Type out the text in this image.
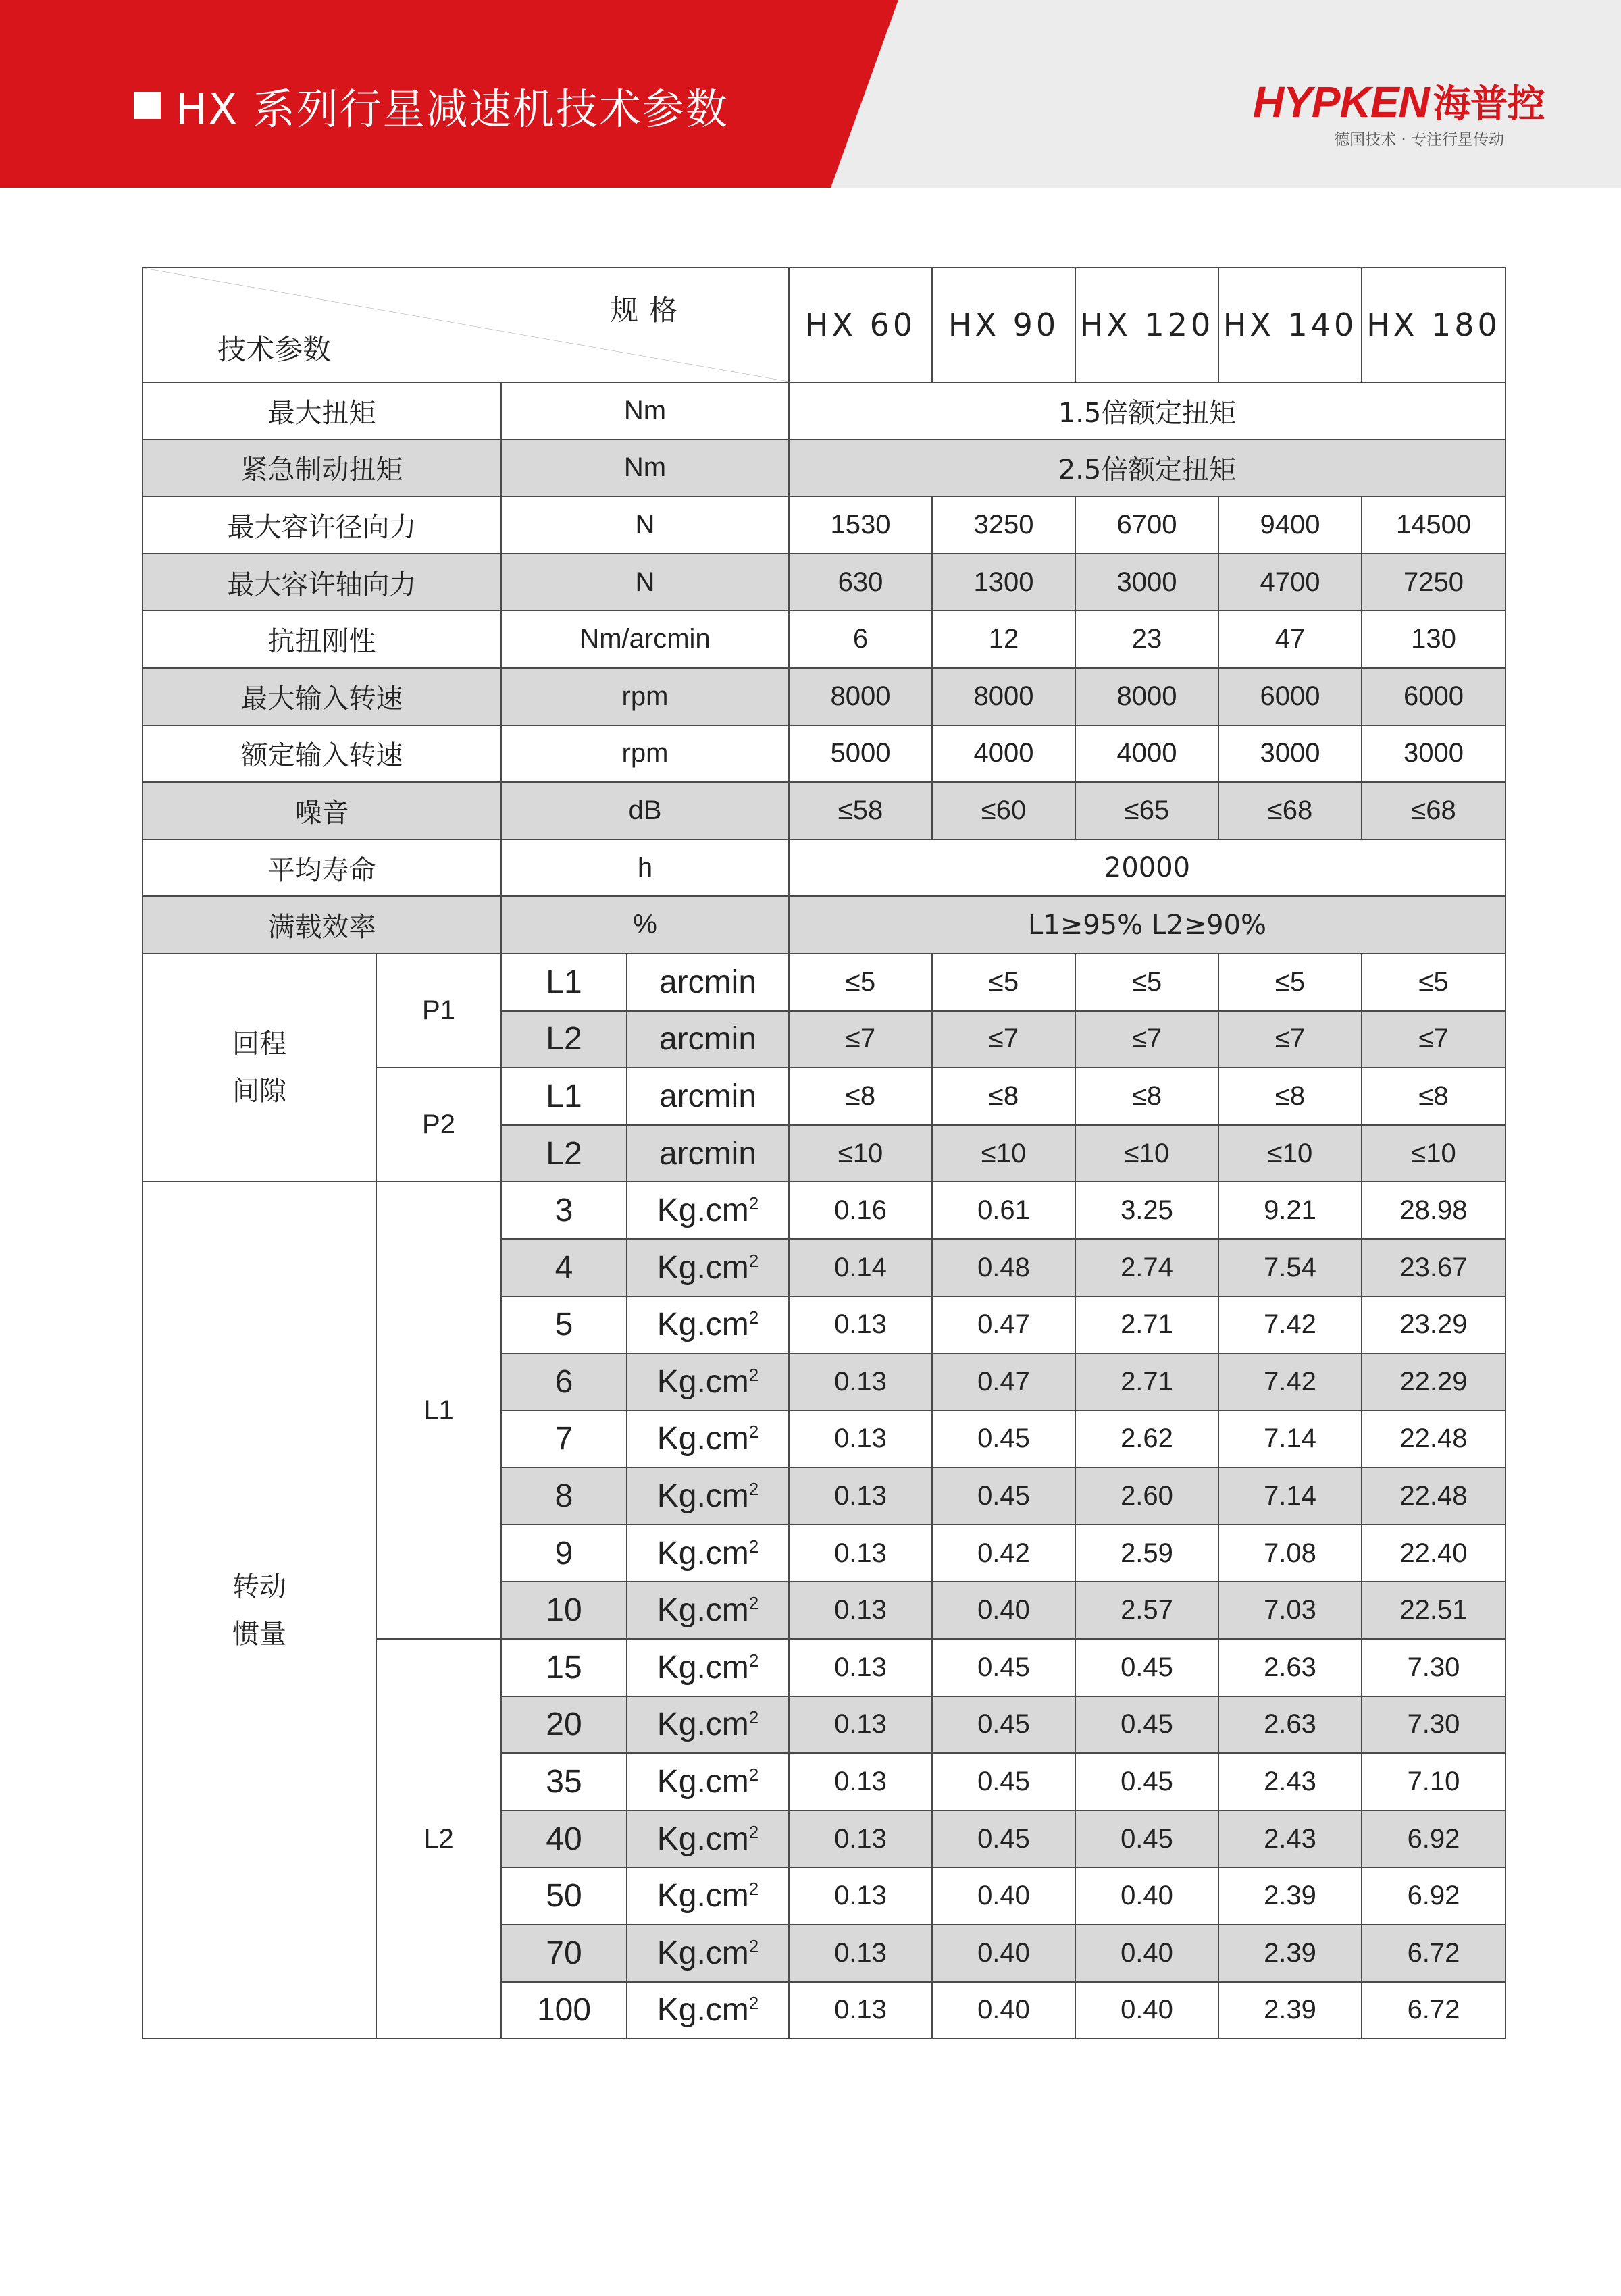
HX 系列行星减速机技术参数	HYPKEN 海普控
德国技术 · 专注行星传动
规格
技术参数				HX 60	HX 90	HX 120	HX 140	HX 180
最大扭矩		Nm		1.5倍额定扭矩				
紧急制动扭矩		Nm		2.5倍额定扭矩				
最大容许径向力		N		1530	3250	6700	9400	14500
最大容许轴向力		N		630	1300	3000	4700	7250
抗扭刚性		Nm/arcmin		6	12	23	47	130
最大输入转速		rpm		8000	8000	8000	6000	6000
额定输入转速		rpm		5000	4000	4000	3000	3000
噪音		dB		≤58	≤60	≤65	≤68	≤68
平均寿命		h		20000				
满载效率		%		L1≥95% L2≥90%				

回程
间隙	P1	L1	arcmin	≤5	≤5	≤5	≤5	≤5
		L2	arcmin	≤7	≤7	≤7	≤7	≤7
	P2	L1	arcmin	≤8	≤8	≤8	≤8	≤8
		L2	arcmin	≤10	≤10	≤10	≤10	≤10

转动
惯量	L1	3	$Kg.cm^2$	0.16	0.61	3.25	9.21	28.98
		4	$Kg.cm^2$	0.14	0.48	2.74	7.54	23.67
		5	$Kg.cm^2$	0.13	0.47	2.71	7.42	23.29
		6	$Kg.cm^2$	0.13	0.47	2.71	7.42	22.29
		7	$Kg.cm^2$	0.13	0.45	2.62	7.14	22.48
		8	$Kg.cm^2$	0.13	0.45	2.60	7.14	22.48
		9	$Kg.cm^2$	0.13	0.42	2.59	7.08	22.40
		10	$Kg.cm^2$	0.13	0.40	2.57	7.03	22.51
	L2	15	$Kg.cm^2$	0.13	0.45	0.45	2.63	7.30
		20	$Kg.cm^2$	0.13	0.45	0.45	2.63	7.30
		35	$Kg.cm^2$	0.13	0.45	0.45	2.43	7.10
		40	$Kg.cm^2$	0.13	0.45	0.45	2.43	6.92
		50	$Kg.cm^2$	0.13	0.40	0.40	2.39	6.92
		70	$Kg.cm^2$	0.13	0.40	0.40	2.39	6.72
		100	$Kg.cm^2$	0.13	0.40	0.40	2.39	6.72
